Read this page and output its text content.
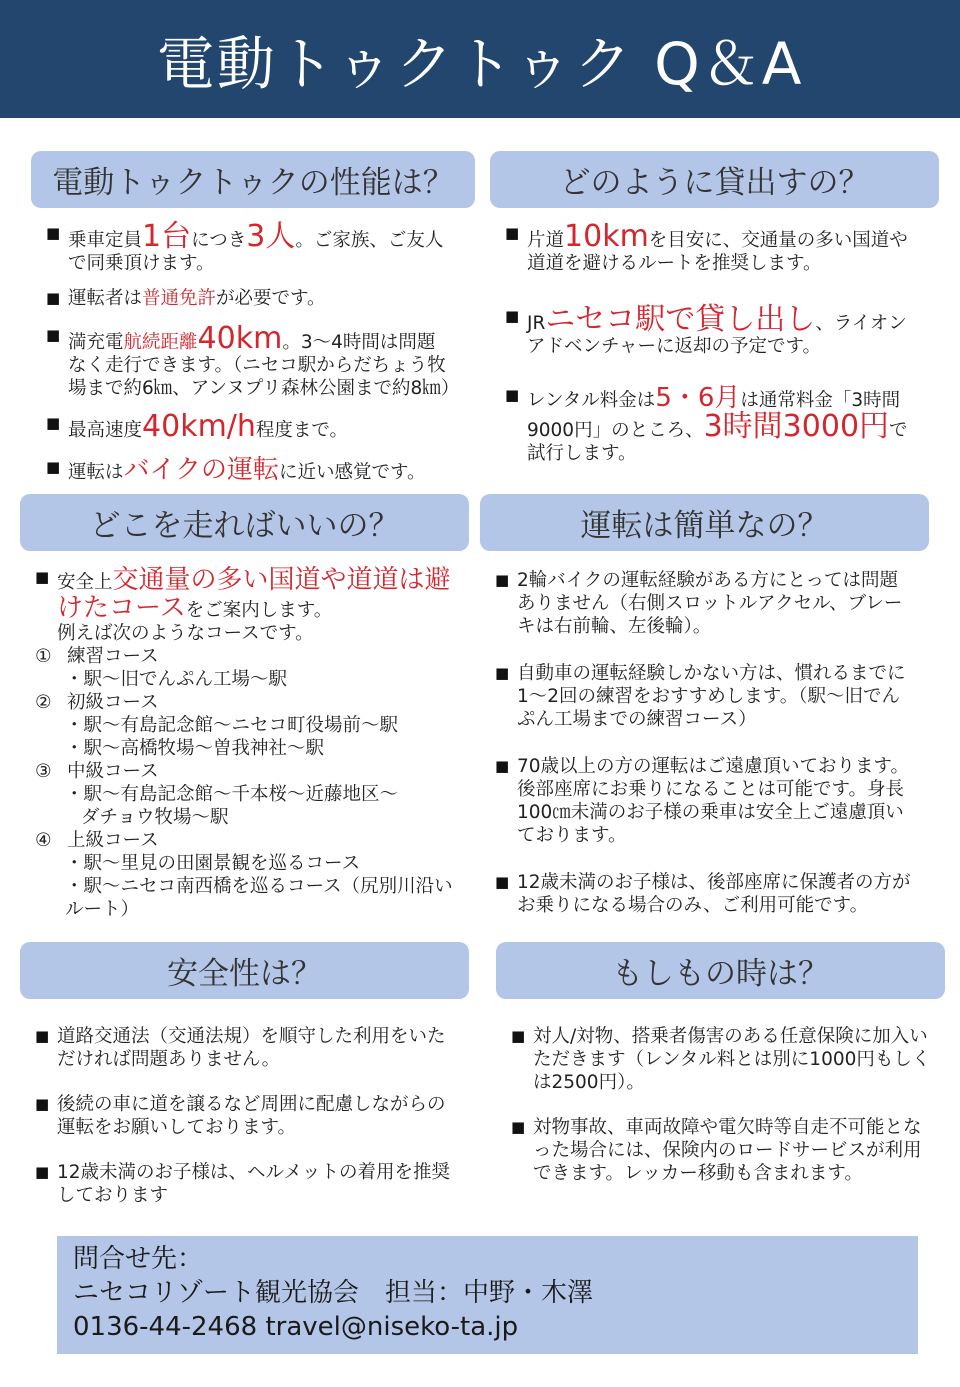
電動トゥクトゥク Q＆A
電動トゥクトゥクの性能は？

■ 乗車定員1台につき3人。ご家族、ご友人で同乗頂けます。

■ 運転者は普通免許が必要です。

■ 満充電航続距離40km。3～4時間は問題なく走行できます。（ニセコ駅からだちょう牧場まで約6㎞、アンヌプリ森林公園まで約8㎞）

■ 最高速度40km/h程度まで。

■ 運転はバイクの運転に近い感覚です。

どのように貸出すの？

■ 片道10kmを目安に、交通量の多い国道や道道を避けるルートを推奨します。

■ JRニセコ駅で貸し出し、ライオンアドベンチャーに返却の予定です。

■ レンタル料金は5・6月は通常料金「3時間9000円」のところ、3時間3000円で試行します。

どこを走ればいいの？

■ 安全上交通量の多い国道や道道は避けたコースをご案内します。
例えば次のようなコースです。

① 練習コース
・駅～旧でんぷん工場～駅

② 初級コース
・駅～有島記念館～ニセコ町役場前～駅
・駅～高橋牧場～曽我神社～駅

③ 中級コース
・駅～有島記念館～千本桜～近藤地区～
ダチョウ牧場～駅

④ 上級コース
・駅～里見の田園景観を巡るコース
・駅～ニセコ南西橋を巡るコース（尻別川沿いルート）

運転は簡単なの？

■ 2輪バイクの運転経験がある方にとっては問題ありません（右側スロットルアクセル、ブレーキは右前輪、左後輪）。

■ 自動車の運転経験しかない方は、慣れるまでに1～2回の練習をおすすめします。（駅～旧でんぷん工場までの練習コース）

■ 70歳以上の方の運転はご遠慮頂いております。後部座席にお乗りになることは可能です。身長100㎝未満のお子様の乗車は安全上ご遠慮頂いております。

■ 12歳未満のお子様は、後部座席に保護者の方がお乗りになる場合のみ、ご利用可能です。

安全性は？

■ 道路交通法（交通法規）を順守した利用をいただければ問題ありません。

■ 後続の車に道を譲るなど周囲に配慮しながらの運転をお願いしております。

■ 12歳未満のお子様は、ヘルメットの着用を推奨しております

もしもの時は？

■ 対人/対物、搭乗者傷害のある任意保険に加入いただきます（レンタル料とは別に1000円もしくは2500円）。

■ 対物事故、車両故障や電欠時等自走不可能となった場合には、保険内のロードサービスが利用できます。レッカー移動も含まれます。

問合せ先：
ニセコリゾート観光協会　担当：中野・木澤
0136-44-2468 travel@niseko-ta.jp
